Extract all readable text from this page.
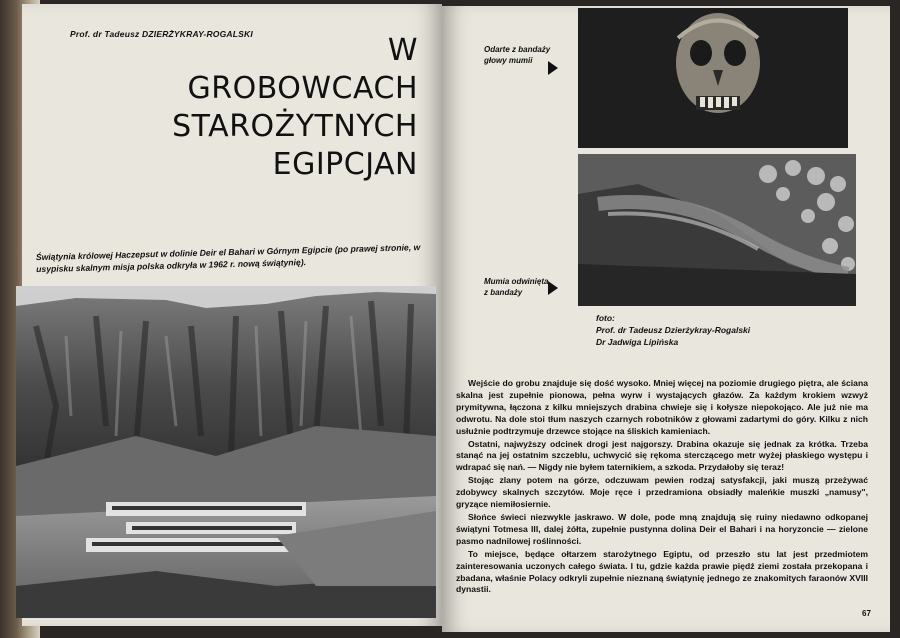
Prof. dr Tadeusz DZIERŻYKRAY-ROGALSKI	W
GROBOWCACH
STAROŻYTNYCH
EGIPCJAN
Świątynia królowej Haczepsut w dolinie Deir el Bahari w Górnym Egipcie (po prawej stronie, w usypisku skalnym misja polska odkryła w 1962 r. nową świątynię).
Odarte z bandaży
głowy mumii
Mumia odwinięta
z bandaży
foto:
Prof. dr Tadeusz Dzierżykray-Rogalski
Dr Jadwiga Lipińska

Wejście do grobu znajduje się dość wysoko. Mniej więcej na poziomie drugiego piętra, ale ściana skalna jest zupełnie pionowa, pełna wyrw i wystających głazów. Za każdym krokiem wzwyż prymitywna, łączona z kilku mniejszych drabina chwieje się i kołysze niepokojąco. Ale już nie ma odwrotu. Na dole stoi tłum naszych czarnych robotników z głowami zadartymi do góry. Kilku z nich usłużnie podtrzymuje drzewce stojące na śliskich kamieniach.

Ostatni, najwyższy odcinek drogi jest najgorszy. Drabina okazuje się jednak za krótka. Trzeba stanąć na jej ostatnim szczeblu, uchwycić się rękoma sterczącego metr wyżej płaskiego występu i wdrapać się nań. — Nigdy nie byłem taternikiem, a szkoda. Przydałoby się teraz!

Stojąc zlany potem na górze, odczuwam pewien rodzaj satysfakcji, jaki muszą przeżywać zdobywcy skalnych szczytów. Moje ręce i przedramiona obsiadły maleńkie muszki „namusy", gryzące niemiłosiernie.

Słońce świeci niezwykle jaskrawo. W dole, pode mną znajdują się ruiny niedawno odkopanej świątyni Totmesa III, dalej żółta, zupełnie pustynna dolina Deir el Bahari i na horyzoncie — zielone pasmo nadnilowej roślinności.

To miejsce, będące ołtarzem starożytnego Egiptu, od przeszło stu lat jest przedmiotem zainteresowania uczonych całego świata. I tu, gdzie każda prawie piędź ziemi została przekopana i zbadana, właśnie Polacy odkryli zupełnie nieznaną świątynię jednego ze znakomitych faraonów XVIII dynastii.

67
